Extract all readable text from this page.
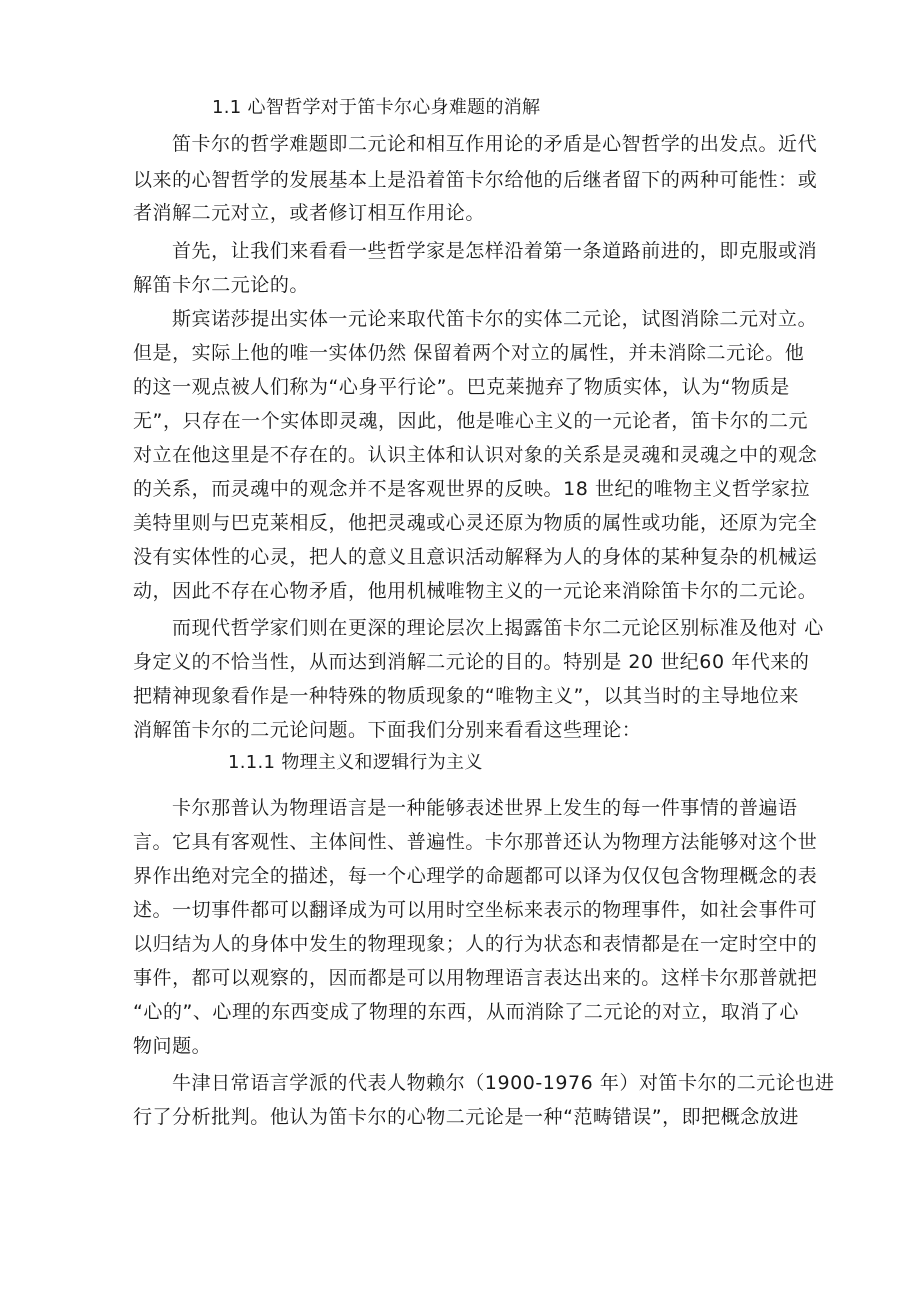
1.1 心智哲学对于笛卡尔心身难题的消解
笛卡尔的哲学难题即二元论和相互作用论的矛盾是心智哲学的出发点。近代
以来的心智哲学的发展基本上是沿着笛卡尔给他的后继者留下的两种可能性：或
者消解二元对立，或者修订相互作用论。
首先，让我们来看看一些哲学家是怎样沿着第一条道路前进的，即克服或消
解笛卡尔二元论的。
斯宾诺莎提出实体一元论来取代笛卡尔的实体二元论，试图消除二元对立。
但是，实际上他的唯一实体仍然 保留着两个对立的属性，并未消除二元论。他
的这一观点被人们称为“心身平行论”。巴克莱抛弃了物质实体，认为“物质是
无”，只存在一个实体即灵魂，因此，他是唯心主义的一元论者，笛卡尔的二元
对立在他这里是不存在的。认识主体和认识对象的关系是灵魂和灵魂之中的观念
的关系，而灵魂中的观念并不是客观世界的反映。18 世纪的唯物主义哲学家拉
美特里则与巴克莱相反，他把灵魂或心灵还原为物质的属性或功能，还原为完全
没有实体性的心灵，把人的意义且意识活动解释为人的身体的某种复杂的机械运
动，因此不存在心物矛盾，他用机械唯物主义的一元论来消除笛卡尔的二元论。
而现代哲学家们则在更深的理论层次上揭露笛卡尔二元论区别标准及他对 心
身定义的不恰当性，从而达到消解二元论的目的。特别是 20 世纪60 年代来的
把精神现象看作是一种特殊的物质现象的“唯物主义”，以其当时的主导地位来
消解笛卡尔的二元论问题。下面我们分别来看看这些理论：
1.1.1 物理主义和逻辑行为主义
卡尔那普认为物理语言是一种能够表述世界上发生的每一件事情的普遍语
言。它具有客观性、主体间性、普遍性。卡尔那普还认为物理方法能够对这个世
界作出绝对完全的描述，每一个心理学的命题都可以译为仅仅包含物理概念的表
述。一切事件都可以翻译成为可以用时空坐标来表示的物理事件，如社会事件可
以归结为人的身体中发生的物理现象；人的行为状态和表情都是在一定时空中的
事件，都可以观察的，因而都是可以用物理语言表达出来的。这样卡尔那普就把
“心的”、心理的东西变成了物理的东西，从而消除了二元论的对立，取消了心
物问题。
牛津日常语言学派的代表人物赖尔（1900-1976 年）对笛卡尔的二元论也进
行了分析批判。他认为笛卡尔的心物二元论是一种“范畴错误”，即把概念放进
